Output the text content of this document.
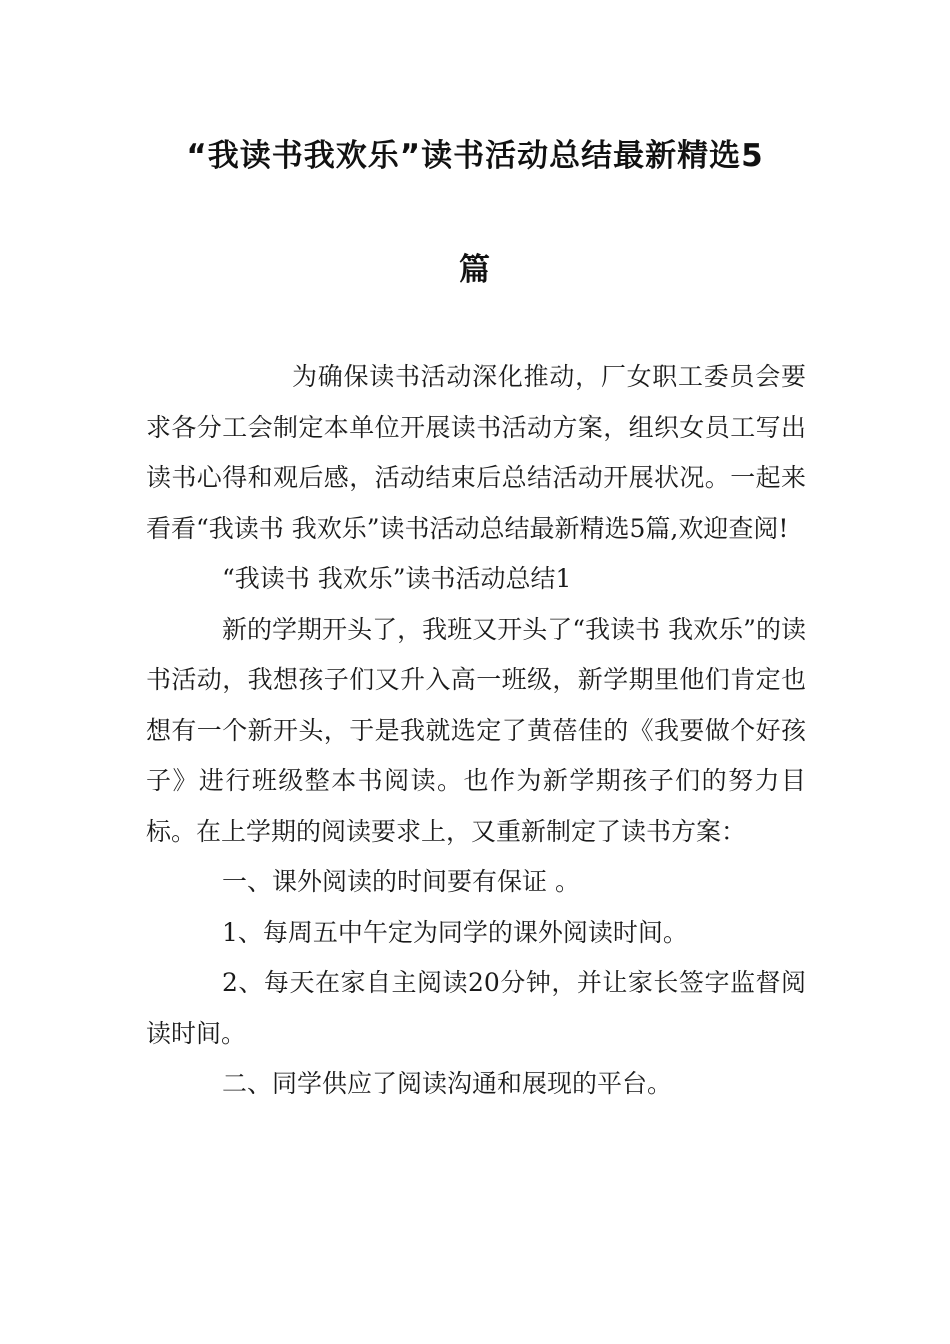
“我读书我欢乐”读书活动总结最新精选5
篇

为确保读书活动深化推动，厂女职工委员会要求各分工会制定本单位开展读书活动方案，组织女员工写出读书心得和观后感，活动结束后总结活动开展状况。一起来看看“我读书 我欢乐”读书活动总结最新精选5篇,欢迎查阅!

“我读书 我欢乐”读书活动总结1

新的学期开头了，我班又开头了“我读书 我欢乐”的读书活动，我想孩子们又升入高一班级，新学期里他们肯定也想有一个新开头，于是我就选定了黄蓓佳的《我要做个好孩子》进行班级整本书阅读。也作为新学期孩子们的努力目标。在上学期的阅读要求上，又重新制定了读书方案：

一、课外阅读的时间要有保证 。

1、每周五中午定为同学的课外阅读时间。

2、每天在家自主阅读20分钟，并让家长签字监督阅读时间。

二、同学供应了阅读沟通和展现的平台。
